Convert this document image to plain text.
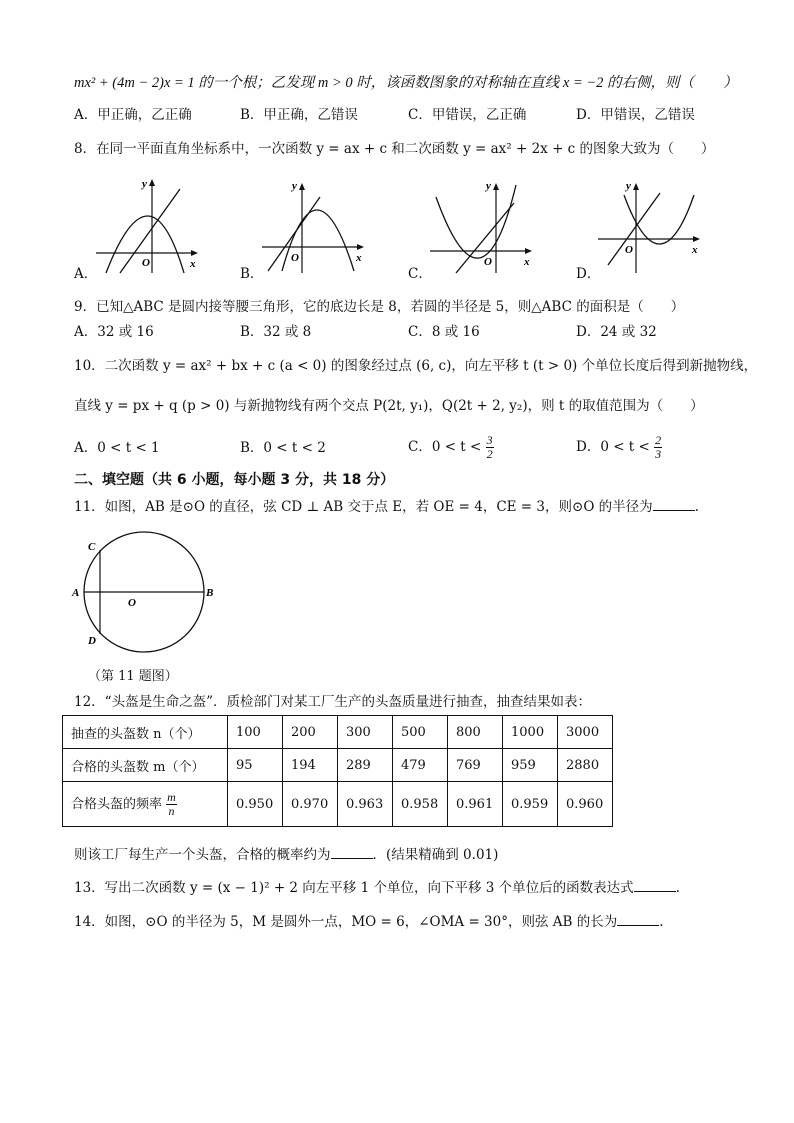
mx² + (4m − 2)x = 1 的一个根；乙发现 m > 0 时，该函数图象的对称轴在直线 x = −2 的右侧，则（　　）
A．甲正确，乙正确	B．甲正确，乙错误	C．甲错误，乙正确	D．甲错误，乙错误
8．在同一平面直角坐标系中，一次函数 y = ax + c 和二次函数 y = ax² + 2x + c 的图象大致为（　　）
A．
y
x
O
B．
y
x
O
C．
y
x
O
D．
y
x
O
9．已知△ABC 是圆内接等腰三角形，它的底边长是 8，若圆的半径是 5，则△ABC 的面积是（　　）
A．32 或 16	B．32 或 8	C．8 或 16	D．24 或 32
10．二次函数 y = ax² + bx + c (a < 0) 的图象经过点 (6, c)，向左平移 t (t > 0) 个单位长度后得到新抛物线，
直线 y = px + q (p > 0) 与新抛物线有两个交点 P(2t, y₁)，Q(2t + 2, y₂)，则 t 的取值范围为（　　）
A．0 < t < 1	B．0 < t < 2	C．$0 < t < \frac{3}{2}$	D．$0 < t < \frac{2}{3}$
二、填空题（共 6 小题，每小题 3 分，共 18 分）
11．如图，AB 是⊙O 的直径，弦 CD ⊥ AB 交于点 E，若 OE = 4，CE = 3，则⊙O 的半径为	.
C
A
O
B
D
（第 11 题图）
12．“头盔是生命之盔”．质检部门对某工厂生产的头盔质量进行抽查，抽查结果如表：
抽查的头盔数 n（个）	100	200	300	500	800	1000	3000
合格的头盔数 m（个）	95	194	289	479	769	959	2880
合格头盔的频率 $\frac{m}{n}$	0.950	0.970	0.963	0.958	0.961	0.959	0.960
则该工厂每生产一个头盔，合格的概率约为	．(结果精确到 0.01)
13．写出二次函数 y = (x − 1)² + 2 向左平移 1 个单位，向下平移 3 个单位后的函数表达式	.
14．如图，⊙O 的半径为 5，M 是圆外一点，MO = 6，∠OMA = 30°，则弦 AB 的长为	.
